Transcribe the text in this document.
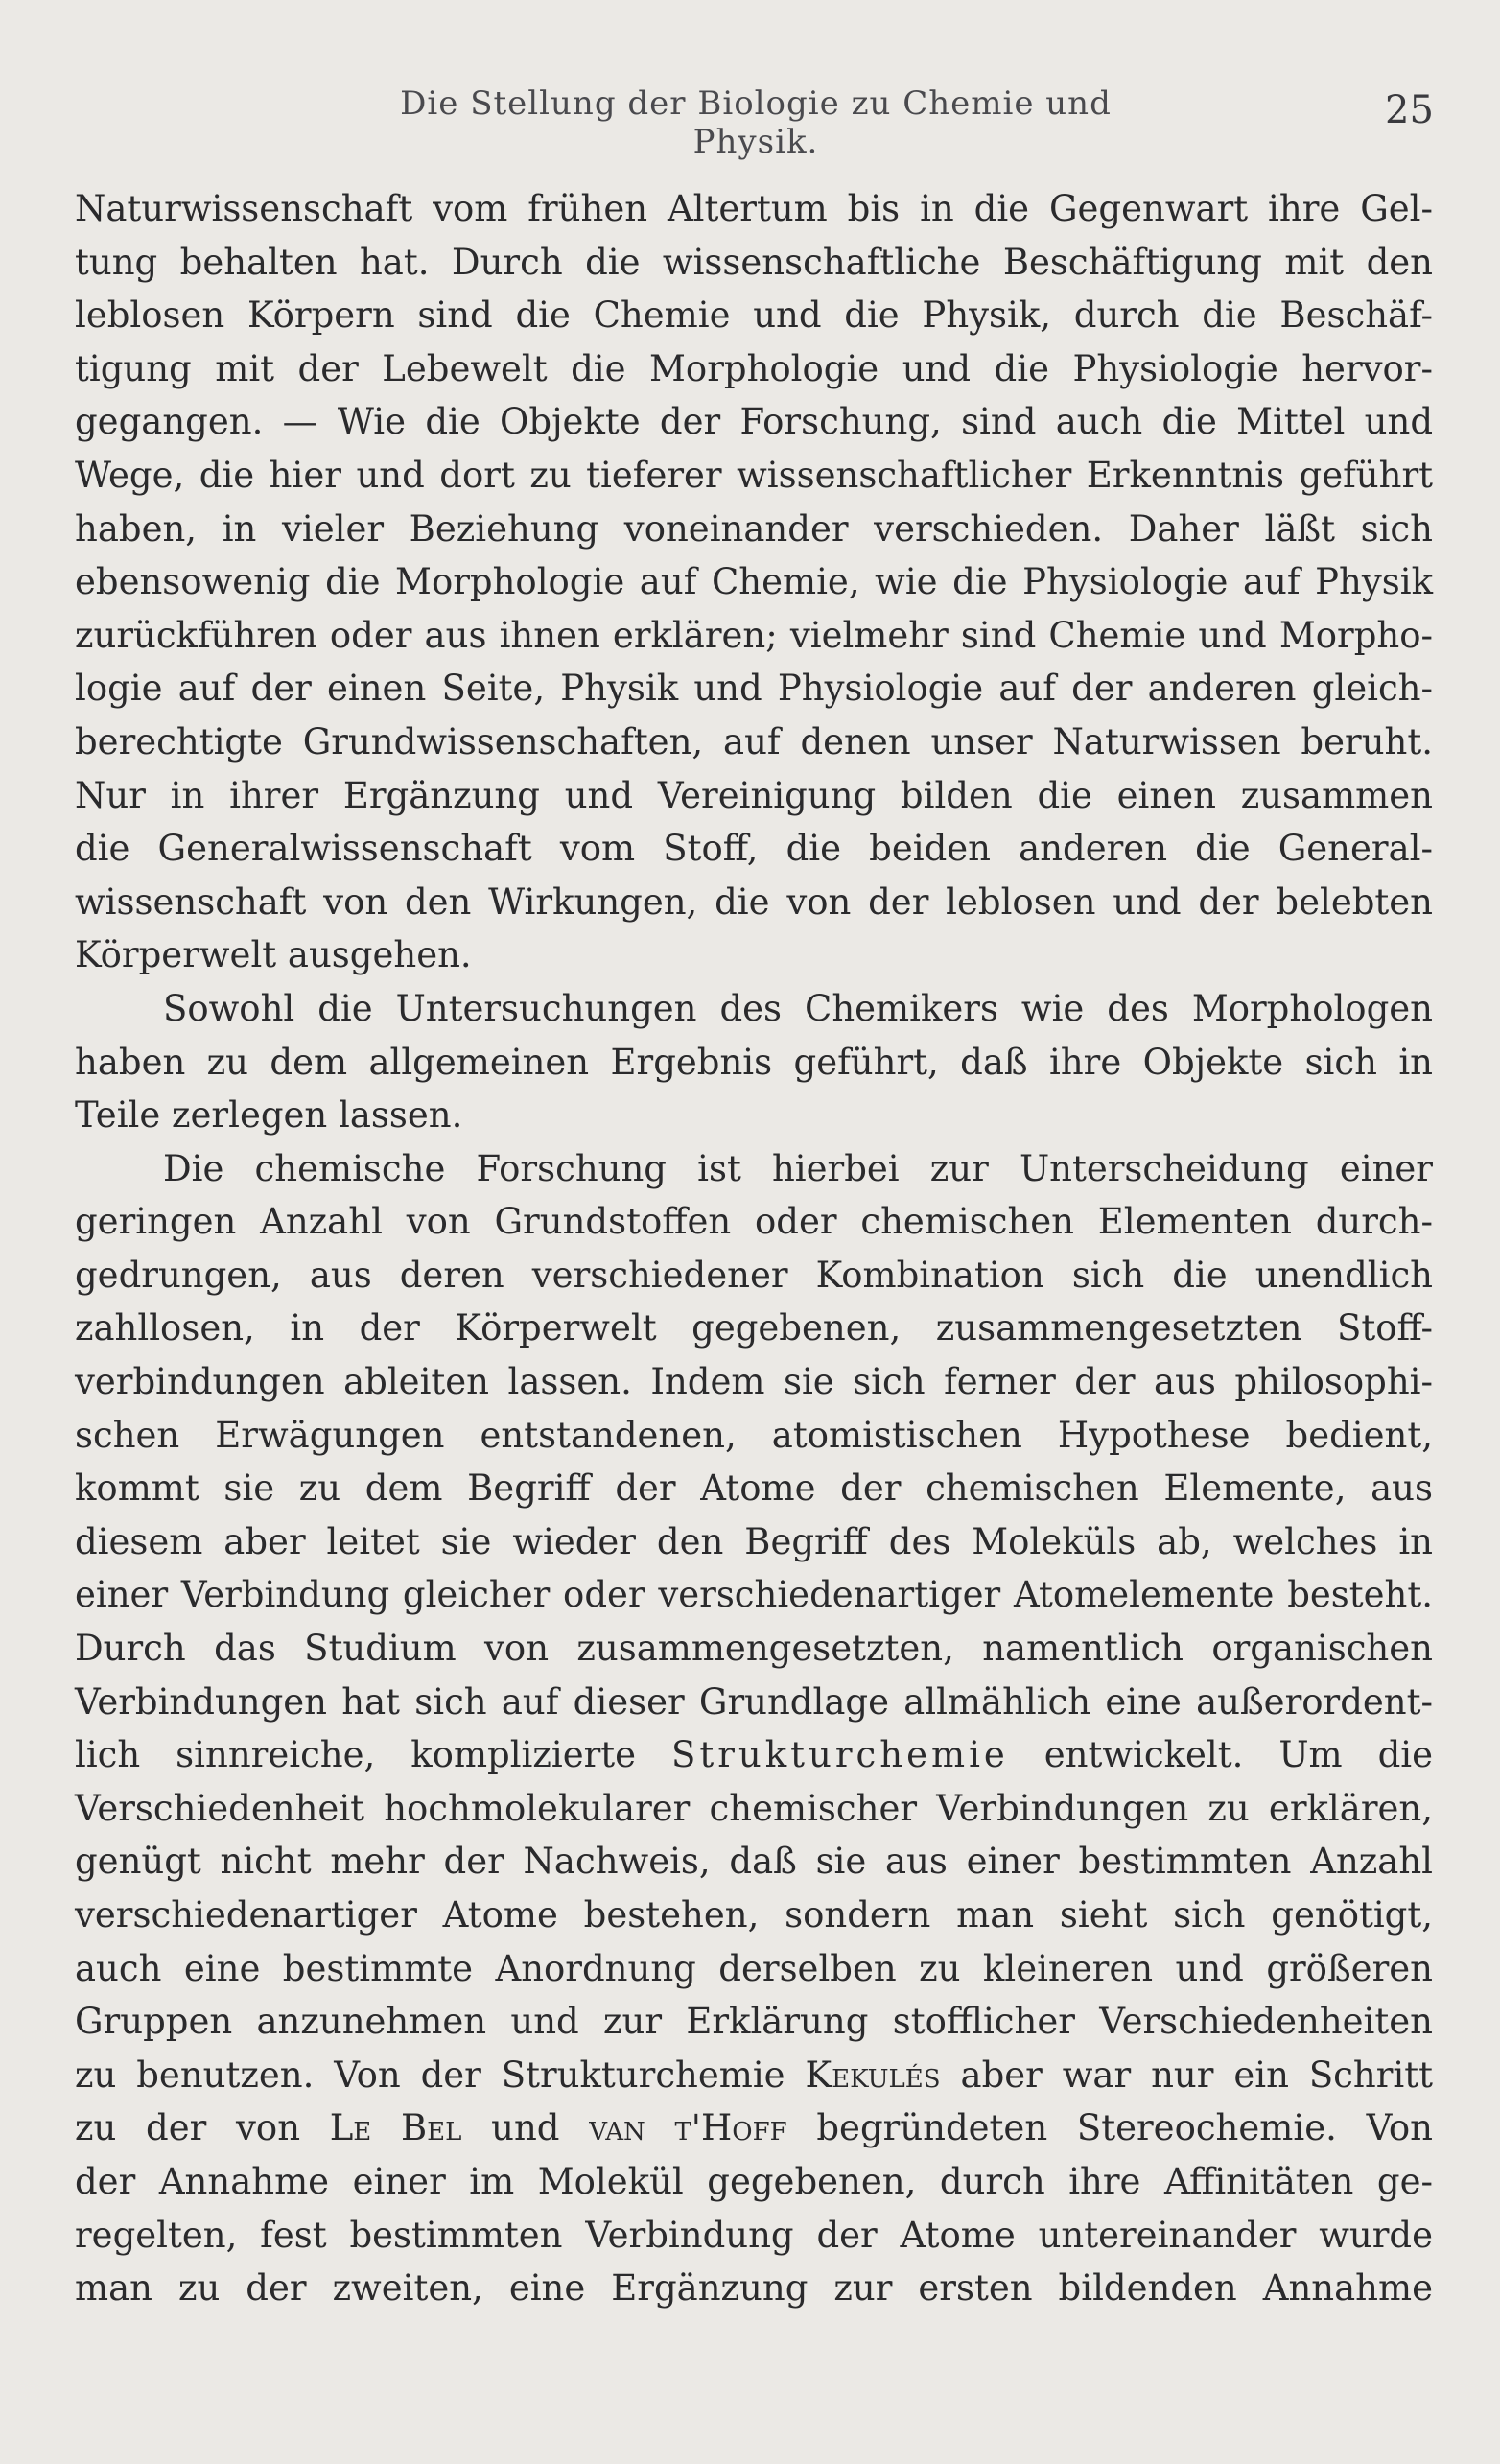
Die Stellung der Biologie zu Chemie und Physik.
25
Naturwissenschaft vom frühen Altertum bis in die Gegenwart ihre Gel-
tung behalten hat. Durch die wissenschaftliche Beschäftigung mit den
leblosen Körpern sind die Chemie und die Physik, durch die Beschäf-
tigung mit der Lebewelt die Morphologie und die Physiologie hervor-
gegangen. — Wie die Objekte der Forschung, sind auch die Mittel und
Wege, die hier und dort zu tieferer wissenschaftlicher Erkenntnis geführt
haben, in vieler Beziehung voneinander verschieden. Daher läßt sich
ebensowenig die Morphologie auf Chemie, wie die Physiologie auf Physik
zurückführen oder aus ihnen erklären; vielmehr sind Chemie und Morpho-
logie auf der einen Seite, Physik und Physiologie auf der anderen gleich-
berechtigte Grundwissenschaften, auf denen unser Naturwissen beruht.
Nur in ihrer Ergänzung und Vereinigung bilden die einen zusammen
die Generalwissenschaft vom Stoff, die beiden anderen die General-
wissenschaft von den Wirkungen, die von der leblosen und der belebten
Körperwelt ausgehen.
Sowohl die Untersuchungen des Chemikers wie des Morphologen
haben zu dem allgemeinen Ergebnis geführt, daß ihre Objekte sich in
Teile zerlegen lassen.
Die chemische Forschung ist hierbei zur Unterscheidung einer
geringen Anzahl von Grundstoffen oder chemischen Elementen durch-
gedrungen, aus deren verschiedener Kombination sich die unendlich
zahllosen, in der Körperwelt gegebenen, zusammengesetzten Stoff-
verbindungen ableiten lassen. Indem sie sich ferner der aus philosophi-
schen Erwägungen entstandenen, atomistischen Hypothese bedient,
kommt sie zu dem Begriff der Atome der chemischen Elemente, aus
diesem aber leitet sie wieder den Begriff des Moleküls ab, welches in
einer Verbindung gleicher oder verschiedenartiger Atomelemente besteht.
Durch das Studium von zusammengesetzten, namentlich organischen
Verbindungen hat sich auf dieser Grundlage allmählich eine außerordent-
lich sinnreiche, komplizierte Strukturchemie entwickelt. Um die
Verschiedenheit hochmolekularer chemischer Verbindungen zu erklären,
genügt nicht mehr der Nachweis, daß sie aus einer bestimmten Anzahl
verschiedenartiger Atome bestehen, sondern man sieht sich genötigt,
auch eine bestimmte Anordnung derselben zu kleineren und größeren
Gruppen anzunehmen und zur Erklärung stofflicher Verschiedenheiten
zu benutzen. Von der Strukturchemie Kekulés aber war nur ein Schritt
zu der von Le Bel und van t'Hoff begründeten Stereochemie. Von
der Annahme einer im Molekül gegebenen, durch ihre Affinitäten ge-
regelten, fest bestimmten Verbindung der Atome untereinander wurde
man zu der zweiten, eine Ergänzung zur ersten bildenden Annahme
